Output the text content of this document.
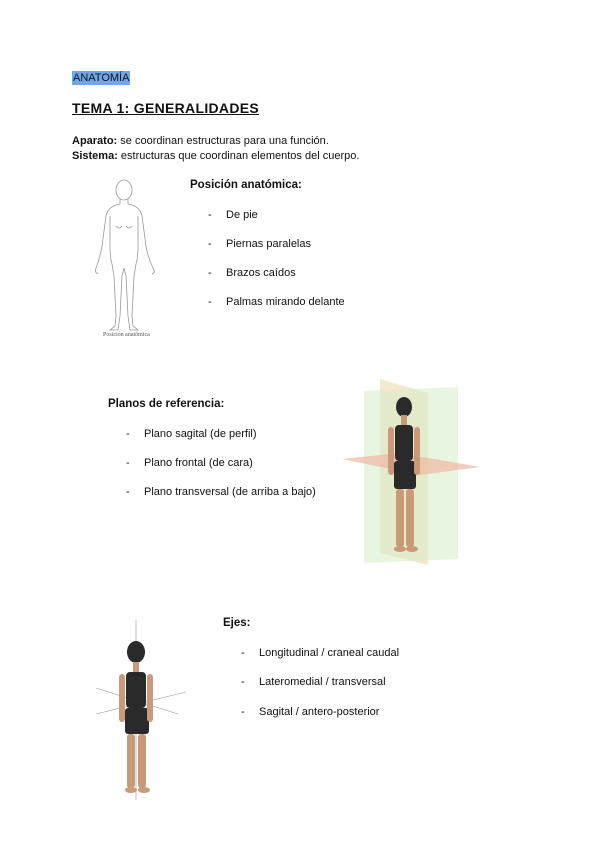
ANATOMÍA
TEMA 1: GENERALIDADES
Aparato: se coordinan estructuras para una función.
Sistema: estructuras que coordinan elementos del cuerpo.
Posición anatómica
Posición anatómica:
- De pie
- Piernas paralelas
- Brazos caídos
- Palmas mirando delante
Planos de referencia:
- Plano sagital (de perfil)
- Plano frontal (de cara)
- Plano transversal (de arriba a bajo)
Ejes:
- Longitudinal / craneal caudal
- Lateromedial / transversal
- Sagital / antero-posterior
